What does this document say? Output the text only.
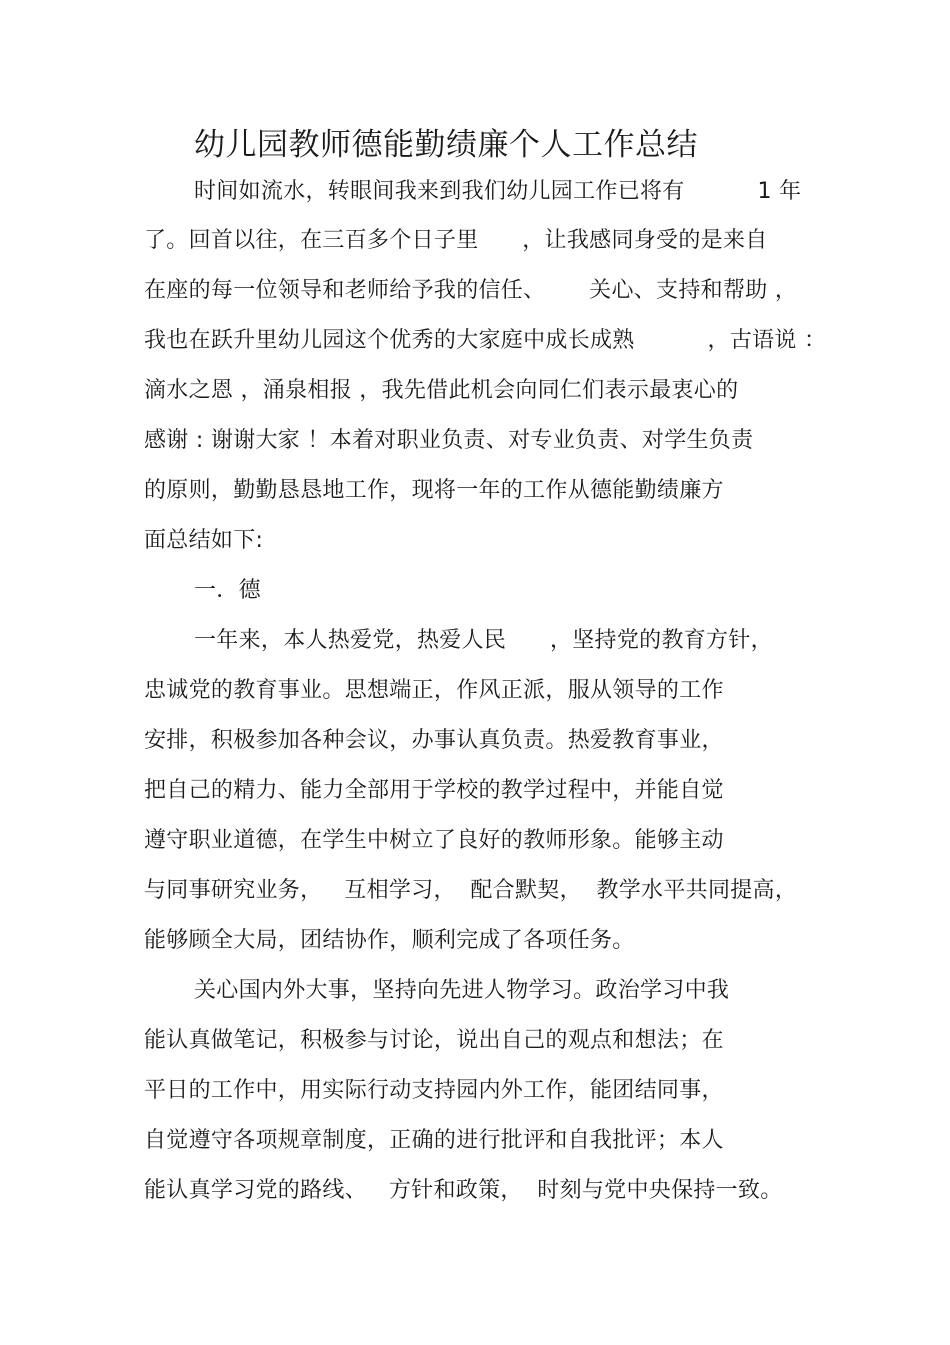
幼儿园教师德能勤绩廉个人工作总结
时间如流水，转眼间我来到我们幼儿园工作已将有          1 年
了。回首以往，在三百多个日子里      ，让我感同身受的是来自
在座的每一位领导和老师给予我的信任、      关心、支持和帮助 ，
我也在跃升里幼儿园这个优秀的大家庭中成长成熟          ，古语说 ：
滴水之恩 ，涌泉相报 ，我先借此机会向同仁们表示最衷心的
感谢 : 谢谢大家 ！本着对职业负责、对专业负责、对学生负责
的原则，勤勤恳恳地工作，现将一年的工作从德能勤绩廉方
面总结如下:
一．德
一年来，本人热爱党，热爱人民      ，坚持党的教育方针，
忠诚党的教育事业。思想端正，作风正派，服从领导的工作
安排，积极参加各种会议，办事认真负责。热爱教育事业，
把自己的精力、能力全部用于学校的教学过程中，并能自觉
遵守职业道德，在学生中树立了良好的教师形象。能够主动
与同事研究业务，   互相学习，  配合默契，  教学水平共同提高，
能够顾全大局，团结协作，顺利完成了各项任务。
关心国内外大事，坚持向先进人物学习。政治学习中我
能认真做笔记，积极参与讨论，说出自己的观点和想法；在
平日的工作中，用实际行动支持园内外工作，能团结同事，
自觉遵守各项规章制度，正确的进行批评和自我批评；本人
能认真学习党的路线、   方针和政策，  时刻与党中央保持一致。
